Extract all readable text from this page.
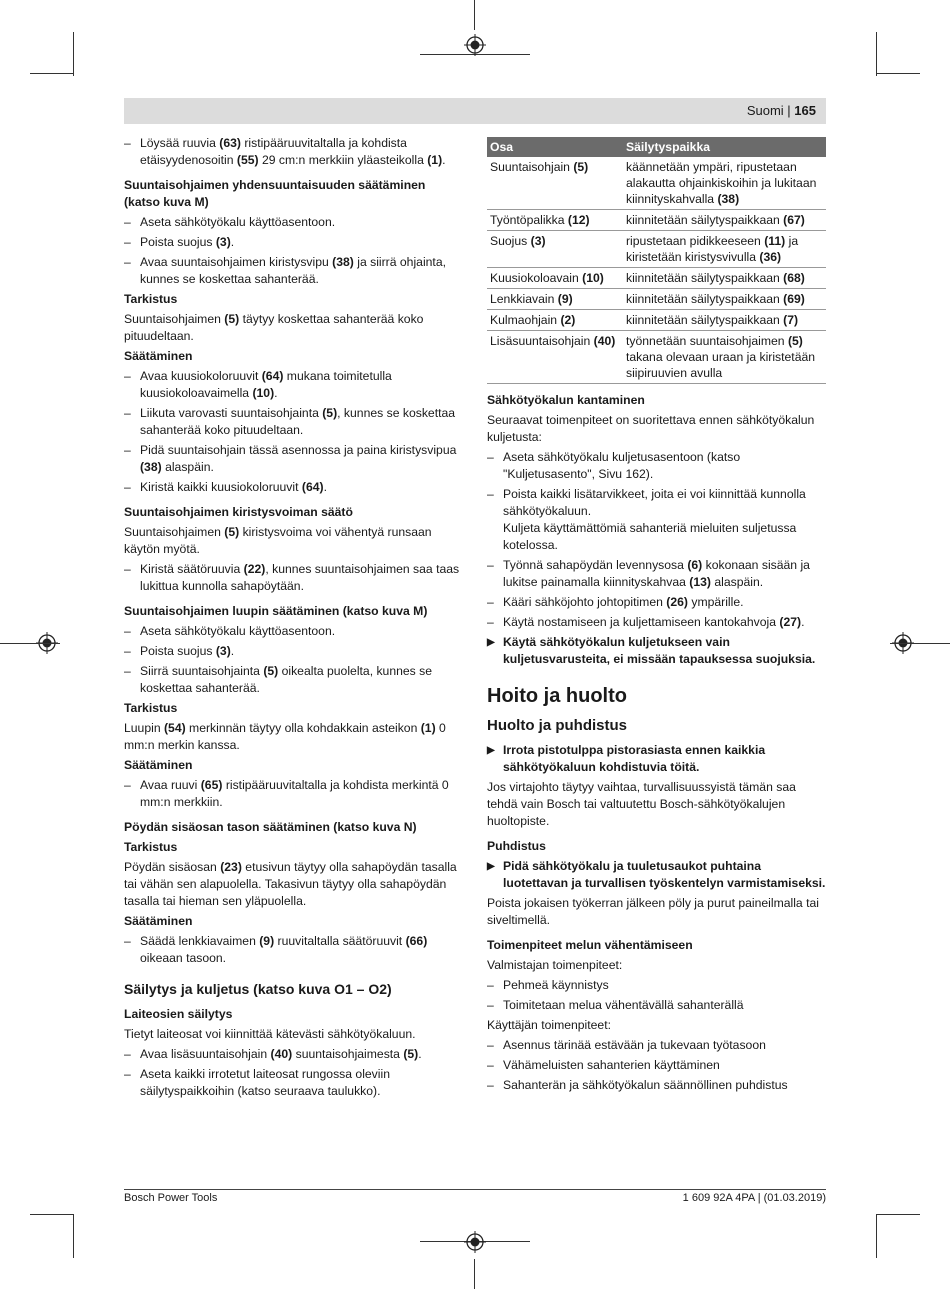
Suomi | 165

– Löysää ruuvia (63) ristipääruuvitaltalla ja kohdista etäisyydenosoitin (55) 29 cm:n merkkiin yläasteikolla (1).

Suuntaisohjaimen yhdensuuntaisuuden säätäminen (katso kuva M)

– Aseta sähkötyökalu käyttöasentoon.

– Poista suojus (3).

– Avaa suuntaisohjaimen kiristysvipu (38) ja siirrä ohjainta, kunnes se koskettaa sahanterää.

Tarkistus

Suuntaisohjaimen (5) täytyy koskettaa sahanterää koko pituudeltaan.

Säätäminen

– Avaa kuusiokoloruuvit (64) mukana toimitetulla kuusiokoloavaimella (10).

– Liikuta varovasti suuntaisohjainta (5), kunnes se koskettaa sahanterää koko pituudeltaan.

– Pidä suuntaisohjain tässä asennossa ja paina kiristysvipua (38) alaspäin.

– Kiristä kaikki kuusiokoloruuvit (64).

Suuntaisohjaimen kiristysvoiman säätö

Suuntaisohjaimen (5) kiristysvoima voi vähentyä runsaan käytön myötä.

– Kiristä säätöruuvia (22), kunnes suuntaisohjaimen saa taas lukittua kunnolla sahapöytään.

Suuntaisohjaimen luupin säätäminen (katso kuva M)

– Aseta sähkötyökalu käyttöasentoon.

– Poista suojus (3).

– Siirrä suuntaisohjainta (5) oikealta puolelta, kunnes se koskettaa sahanterää.

Tarkistus

Luupin (54) merkinnän täytyy olla kohdakkain asteikon (1) 0 mm:n merkin kanssa.

Säätäminen

– Avaa ruuvi (65) ristipääruuvitaltalla ja kohdista merkintä 0 mm:n merkkiin.

Pöydän sisäosan tason säätäminen (katso kuva N)

Tarkistus

Pöydän sisäosan (23) etusivun täytyy olla sahapöydän tasalla tai vähän sen alapuolella. Takasivun täytyy olla sahapöydän tasalla tai hieman sen yläpuolella.

Säätäminen

– Säädä lenkkiavaimen (9) ruuvitaltalla säätöruuvit (66) oikeaan tasoon.

Säilytys ja kuljetus (katso kuva O1 – O2)

Laiteosien säilytys

Tietyt laiteosat voi kiinnittää kätevästi sähkötyökaluun.

– Avaa lisäsuuntaisohjain (40) suuntaisohjaimesta (5).

– Aseta kaikki irrotetut laiteosat rungossa oleviin säilytyspaikkoihin (katso seuraava taulukko).

Osa	Säilytyspaikka
Suuntaisohjain (5)	käännetään ympäri, ripustetaan alakautta ohjainkiskoihin ja lukitaan kiinnityskahvalla (38)
Työntöpalikka (12)	kiinnitetään säilytyspaikkaan (67)
Suojus (3)	ripustetaan pidikkeeseen (11) ja kiristetään kiristysvivulla (36)
Kuusiokoloavain (10)	kiinnitetään säilytyspaikkaan (68)
Lenkkiavain (9)	kiinnitetään säilytyspaikkaan (69)
Kulmaohjain (2)	kiinnitetään säilytyspaikkaan (7)
Lisäsuuntaisohjain (40)	työnnetään suuntaisohjaimen (5) takana olevaan uraan ja kiristetään siipiruuvien avulla

Sähkötyökalun kantaminen

Seuraavat toimenpiteet on suoritettava ennen sähkötyökalun kuljetusta:

– Aseta sähkötyökalu kuljetusasentoon (katso "Kuljetusasento", Sivu 162).

– Poista kaikki lisätarvikkeet, joita ei voi kiinnittää kunnolla sähkötyökaluun.

Kuljeta käyttämättömiä sahanteriä mieluiten suljetussa kotelossa.

– Työnnä sahapöydän levennysosa (6) kokonaan sisään ja lukitse painamalla kiinnityskahvaa (13) alaspäin.

– Kääri sähköjohto johtopitimen (26) ympärille.

– Käytä nostamiseen ja kuljettamiseen kantokahvoja (27).

▶ Käytä sähkötyökalun kuljetukseen vain kuljetusvarusteita, ei missään tapauksessa suojuksia.

Hoito ja huolto

Huolto ja puhdistus

▶ Irrota pistotulppa pistorasiasta ennen kaikkia sähkötyökaluun kohdistuvia töitä.

Jos virtajohto täytyy vaihtaa, turvallisuussyistä tämän saa tehdä vain Bosch tai valtuutettu Bosch-sähkötyökalujen huoltopiste.

Puhdistus

▶ Pidä sähkötyökalu ja tuuletusaukot puhtaina luotettavan ja turvallisen työskentelyn varmistamiseksi.

Poista jokaisen työkerran jälkeen pöly ja purut paineilmalla tai siveltimellä.

Toimenpiteet melun vähentämiseen

Valmistajan toimenpiteet:

– Pehmeä käynnistys

– Toimitetaan melua vähentävällä sahanterällä

Käyttäjän toimenpiteet:

– Asennus tärinää estävään ja tukevaan työtasoon

– Vähämeluisten sahanterien käyttäminen

– Sahanterän ja sähkötyökalun säännöllinen puhdistus

Bosch Power Tools	1 609 92A 4PA | (01.03.2019)
